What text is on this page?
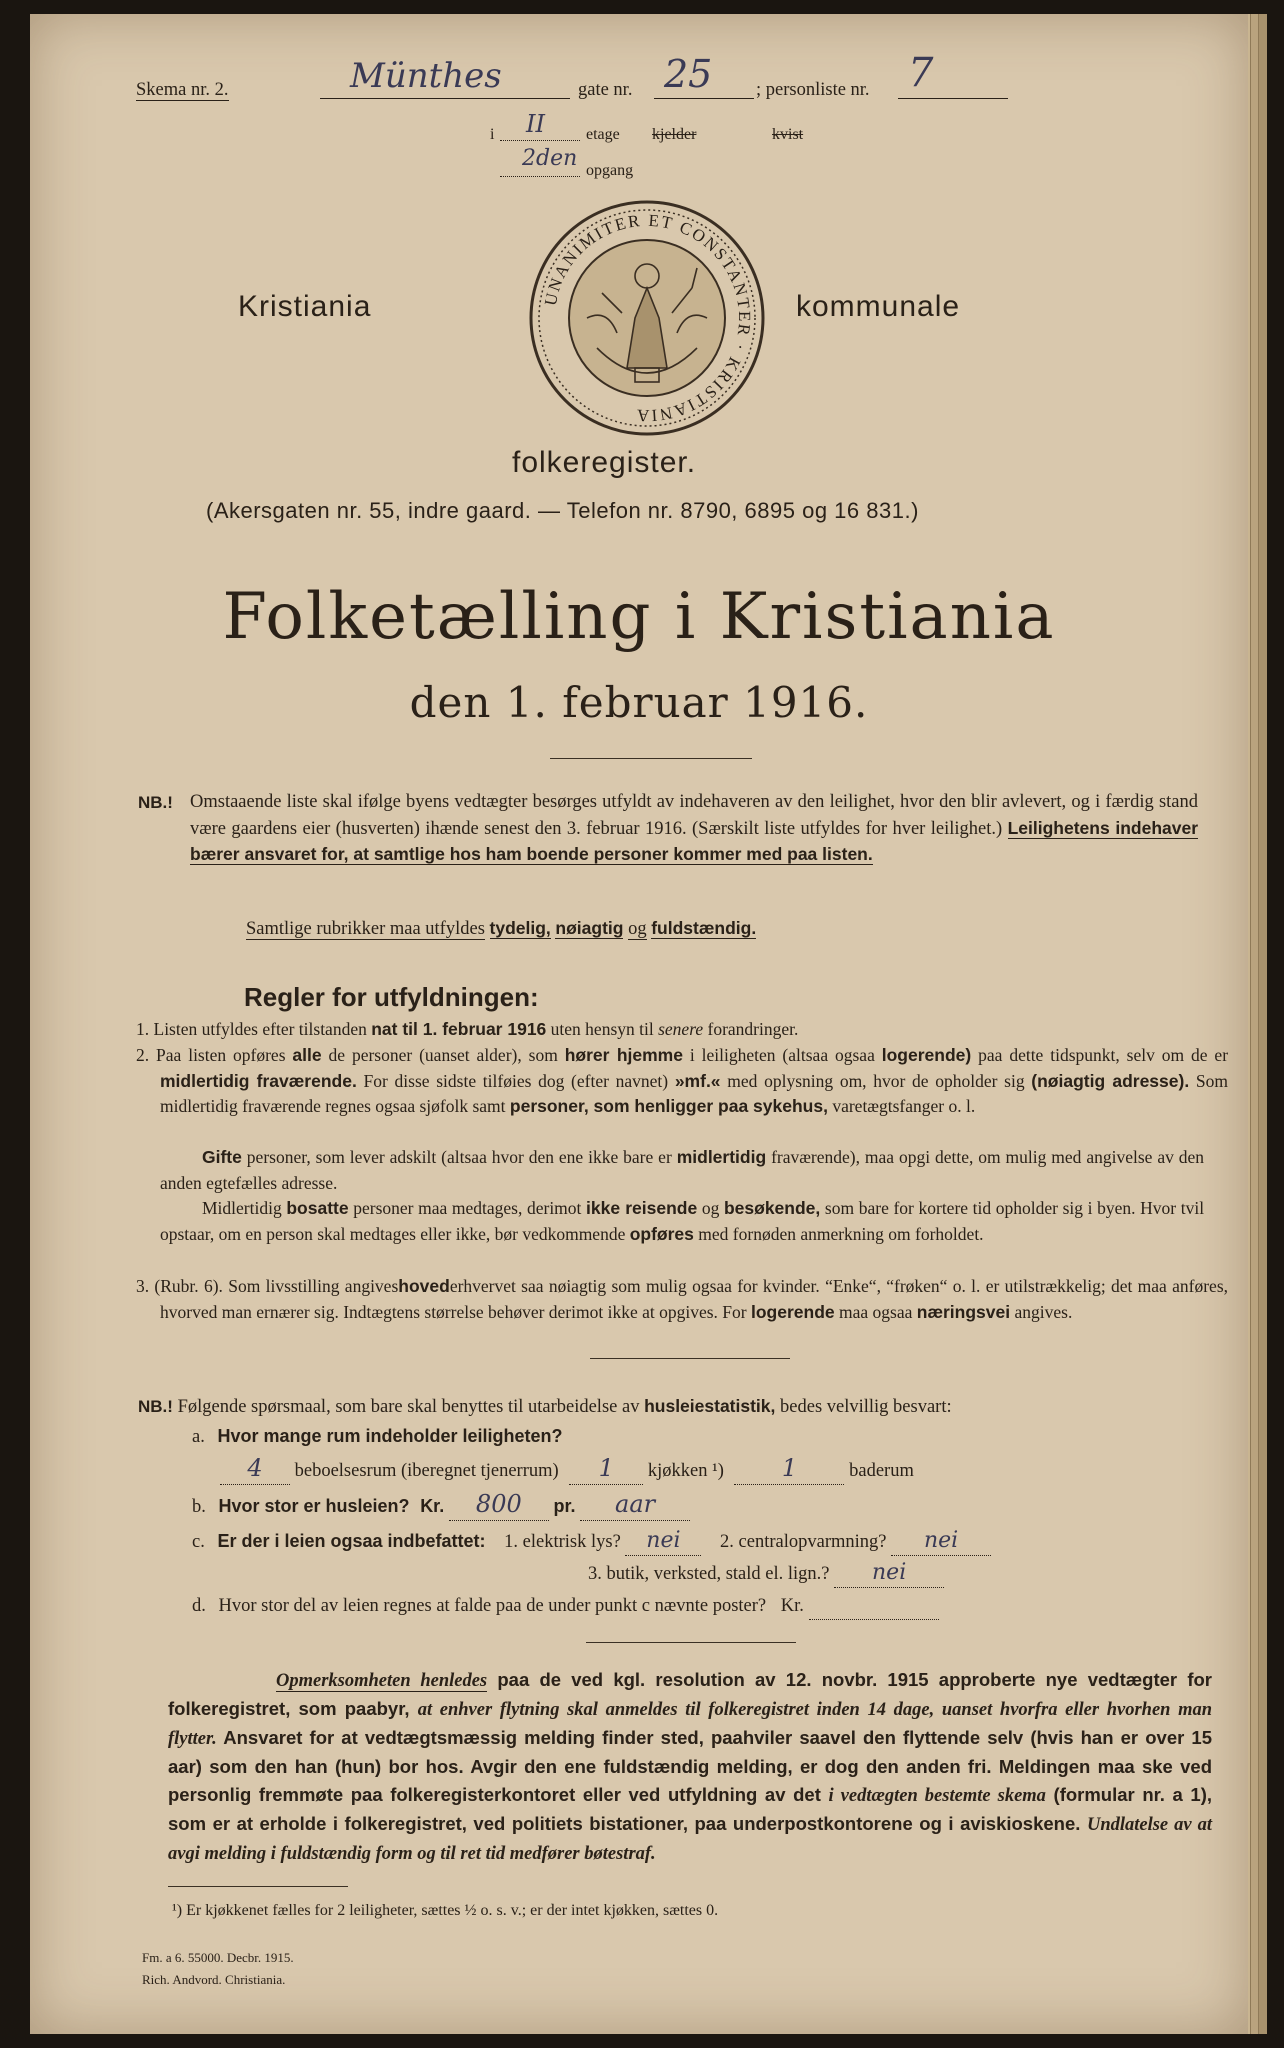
Skema nr. 2.	Münthes	gate nr. 25 ; personliste nr. 7
i II	etage kjelder	kvist
2den opgang
Kristiania	kommunale
UNANIMITER ET CONSTANTER · KRISTIANIA
folkeregister.
(Akersgaten nr. 55, indre gaard. — Telefon nr. 8790, 6895 og 16 831.)
Folketælling i Kristiania
den 1. februar 1916.
NB.! Omstaaende liste skal ifølge byens vedtægter besørges utfyldt av indehaveren av den leilighet, hvor den blir avlevert, og i færdig stand være gaardens eier (husverten) ihænde senest den 3. februar 1916. (Særskilt liste utfyldes for hver leilighet.) Leilighetens indehaver bærer ansvaret for, at samtlige hos ham boende personer kommer med paa listen.
Samtlige rubrikker maa utfyldes tydelig, nøiagtig og fuldstændig.
Regler for utfyldningen:
1. Listen utfyldes efter tilstanden nat til 1. februar 1916 uten hensyn til senere forandringer.
2. Paa listen opføres alle de personer (uanset alder), som hører hjemme i leiligheten (altsaa ogsaa logerende) paa dette tidspunkt, selv om de er midlertidig fraværende. For disse sidste tilføies dog (efter navnet) »mf.« med oplysning om, hvor de opholder sig (nøiagtig adresse). Som midlertidig fraværende regnes ogsaa sjøfolk samt personer, som henligger paa sykehus, varetægtsfanger o. l.
Gifte personer, som lever adskilt (altsaa hvor den ene ikke bare er midlertidig fraværende), maa opgi dette, om mulig med angivelse av den anden egtefælles adresse.
Midlertidig bosatte personer maa medtages, derimot ikke reisende og besøkende, som bare for kortere tid opholder sig i byen. Hvor tvil opstaar, om en person skal medtages eller ikke, bør vedkommende opføres med fornøden anmerkning om forholdet.
3. (Rubr. 6). Som livsstilling angiveshovederhvervet saa nøiagtig som mulig ogsaa for kvinder. “Enke“, “frøken“ o. l. er utilstrækkelig; det maa anføres, hvorved man ernærer sig. Indtægtens størrelse behøver derimot ikke at opgives. For logerende maa ogsaa næringsvei angives.
NB.! Følgende spørsmaal, som bare skal benyttes til utarbeidelse av husleiestatistik, bedes velvillig besvart:
a. Hvor mange rum indeholder leiligheten?
4 beboelsesrum (iberegnet tjenerrum) 1 kjøkken ¹) 1	baderum
b. Hvor stor er husleien? Kr. 800 pr. aar
c. Er der i leien ogsaa indbefattet: 1. elektrisk lys? nei 2. centralopvarmning? nei
3. butik, verksted, stald el. lign.? nei
d. Hvor stor del av leien regnes at falde paa de under punkt c nævnte poster? Kr.
Opmerksomheten henledes paa de ved kgl. resolution av 12. novbr. 1915 approberte nye vedtægter for folkeregistret, som paabyr, at enhver flytning skal anmeldes til folkeregistret inden 14 dage, uanset hvorfra eller hvorhen man flytter. Ansvaret for at vedtægtsmæssig melding finder sted, paahviler saavel den flyttende selv (hvis han er over 15 aar) som den han (hun) bor hos. Avgir den ene fuldstændig melding, er dog den anden fri. Meldingen maa ske ved personlig fremmøte paa folkeregisterkontoret eller ved utfyldning av det i vedtægten bestemte skema (formular nr. a 1), som er at erholde i folkeregistret, ved politiets bistationer, paa underpostkontorene og i aviskioskene. Undlatelse av at avgi melding i fuldstændig form og til ret tid medfører bøtestraf.
¹) Er kjøkkenet fælles for 2 leiligheter, sættes ½ o. s. v.; er der intet kjøkken, sættes 0.
Fm. a 6. 55000. Decbr. 1915.
Rich. Andvord. Christiania.
